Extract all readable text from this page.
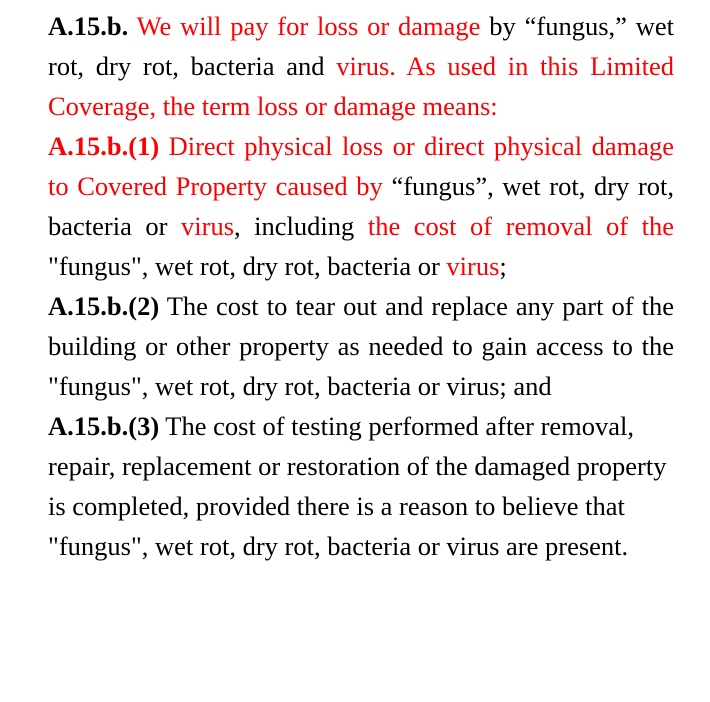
A.15.b. We will pay for loss or damage by “fungus,” wet rot, dry rot, bacteria and virus. As used in this Limited Coverage, the term loss or damage means:

A.15.b.(1) Direct physical loss or direct physical damage to Covered Property caused by “fungus”, wet rot, dry rot, bacteria or virus, including the cost of removal of the "fungus", wet rot, dry rot, bacteria or virus;

A.15.b.(2) The cost to tear out and replace any part of the building or other property as needed to gain access to the "fungus", wet rot, dry rot, bacteria or virus; and

A.15.b.(3) The cost of testing performed after removal, repair, replacement or restoration of the damaged property is completed, provided there is a reason to believe that "fungus", wet rot, dry rot, bacteria or virus are present.
